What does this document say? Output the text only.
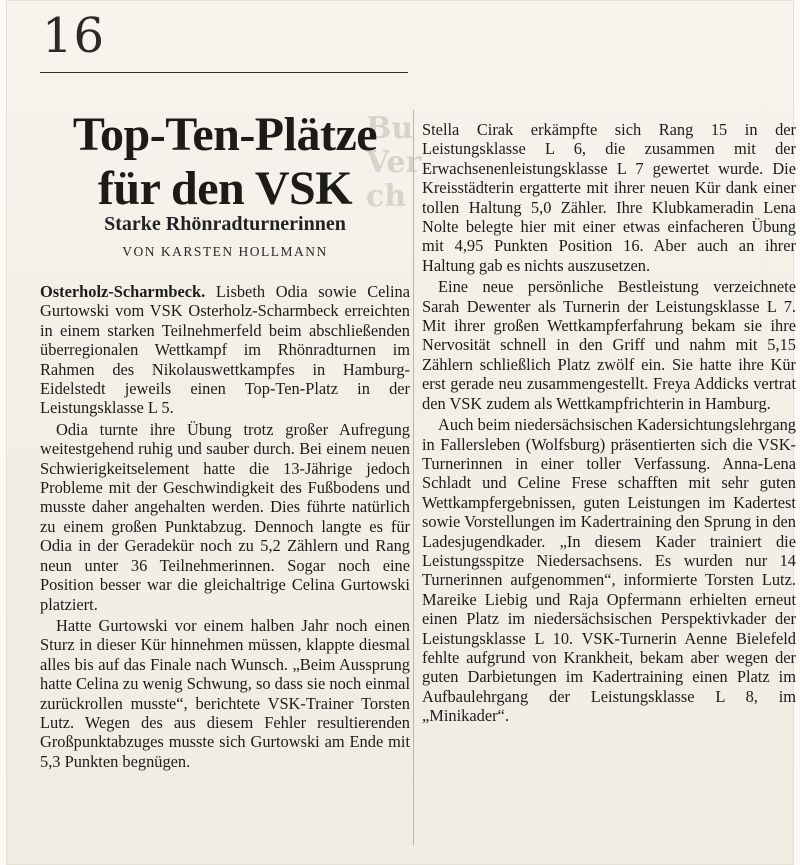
16
Bu Ver ch
Top-Ten-Plätze
für den VSK
Starke Rhönradturnerinnen
VON KARSTEN HOLLMANN

Osterholz-Scharmbeck. Lisbeth Odia sowie Celina Gurtowski vom VSK Osterholz-Scharmbeck erreichten in einem starken Teilnehmerfeld beim abschließenden überregionalen Wettkampf im Rhönradturnen im Rahmen des Nikolauswettkampfes in Hamburg-Eidelstedt jeweils einen Top-Ten-Platz in der Leistungsklasse L 5.

Odia turnte ihre Übung trotz großer Aufregung weitestgehend ruhig und sauber durch. Bei einem neuen Schwierigkeitselement hatte die 13-Jährige jedoch Probleme mit der Geschwindigkeit des Fußbodens und musste daher angehalten werden. Dies führte natürlich zu einem großen Punktabzug. Dennoch langte es für Odia in der Geradekür noch zu 5,2 Zählern und Rang neun unter 36 Teilnehmerinnen. Sogar noch eine Position besser war die gleichaltrige Celina Gurtowski platziert.

Hatte Gurtowski vor einem halben Jahr noch einen Sturz in dieser Kür hinnehmen müssen, klappte diesmal alles bis auf das Finale nach Wunsch. „Beim Aussprung hatte Celina zu wenig Schwung, so dass sie noch einmal zurückrollen musste“, berichtete VSK-Trainer Torsten Lutz. Wegen des aus diesem Fehler resultierenden Großpunktabzuges musste sich Gurtowski am Ende mit 5,3 Punkten begnügen.

Stella Cirak erkämpfte sich Rang 15 in der Leistungsklasse L 6, die zusammen mit der Erwachsenenleistungsklasse L 7 gewertet wurde. Die Kreisstädterin ergatterte mit ihrer neuen Kür dank einer tollen Haltung 5,0 Zähler. Ihre Klubkameradin Lena Nolte belegte hier mit einer etwas einfacheren Übung mit 4,95 Punkten Position 16. Aber auch an ihrer Haltung gab es nichts auszusetzen.

Eine neue persönliche Bestleistung verzeichnete Sarah Dewenter als Turnerin der Leistungsklasse L 7. Mit ihrer großen Wettkampferfahrung bekam sie ihre Nervosität schnell in den Griff und nahm mit 5,15 Zählern schließlich Platz zwölf ein. Sie hatte ihre Kür erst gerade neu zusammengestellt. Freya Addicks vertrat den VSK zudem als Wettkampfrichterin in Hamburg.

Auch beim niedersächsischen Kadersichtungslehrgang in Fallersleben (Wolfsburg) präsentierten sich die VSK-Turnerinnen in einer toller Verfassung. Anna-Lena Schladt und Celine Frese schafften mit sehr guten Wettkampfergebnissen, guten Leistungen im Kadertest sowie Vorstellungen im Kadertraining den Sprung in den Ladesjugendkader. „In diesem Kader trainiert die Leistungsspitze Niedersachsens. Es wurden nur 14 Turnerinnen aufgenommen“, informierte Torsten Lutz. Mareike Liebig und Raja Opfermann erhielten erneut einen Platz im niedersächsischen Perspektivkader der Leistungsklasse L 10. VSK-Turnerin Aenne Bielefeld fehlte aufgrund von Krankheit, bekam aber wegen der guten Darbietungen im Kadertraining einen Platz im Aufbaulehrgang der Leistungsklasse L 8, im „Minikader“.
